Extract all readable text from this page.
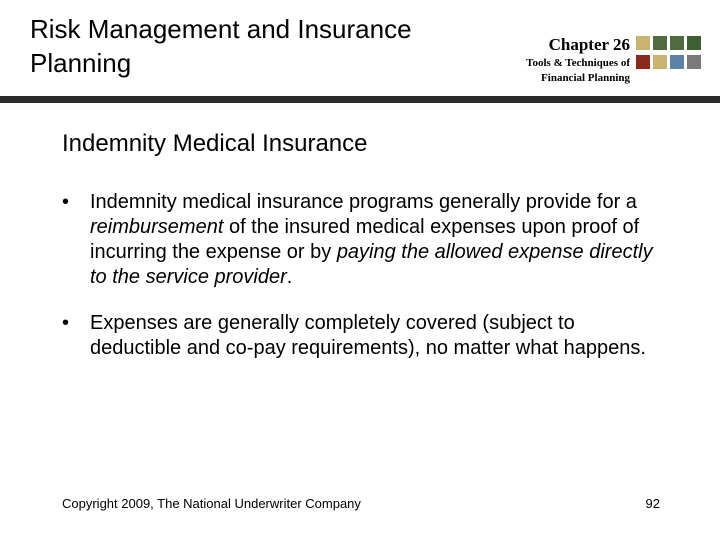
Risk Management and Insurance Planning
Chapter 26
Tools & Techniques of
Financial Planning
Indemnity Medical Insurance
• Indemnity medical insurance programs generally provide for a reimbursement of the insured medical expenses upon proof of incurring the expense or by paying the allowed expense directly to the service provider.
• Expenses are generally completely covered (subject to deductible and co-pay requirements), no matter what happens.
Copyright 2009, The National Underwriter Company	92
